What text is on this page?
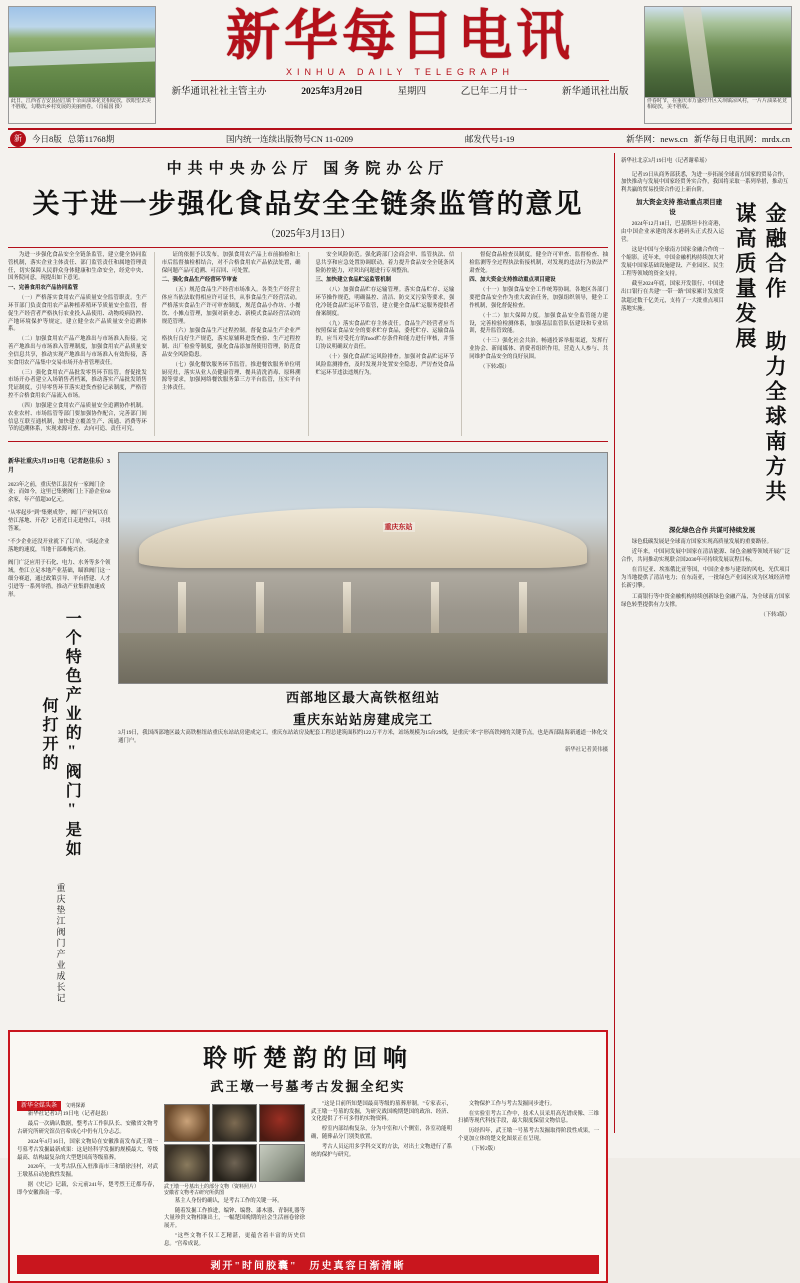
此日，江西省吉安县固江镇千余亩油菜花竞相绽放，放眼望去美不胜收，勾勒出乡村发展的美丽画卷。（肖福国 摄）
新华每日电讯
XINHUA DAILY TELEGRAPH
新华通讯社社主管主办	2025年3月20日	星期四	乙巳年二月廿一	新华通讯社出版
伴春时节，在重庆市万盛经开区关坝镇凉风村，一片片油菜花竞相绽放，美不胜收。
新	今日8版 总第11768期	国内统一连续出版物号CN 11-0209	邮发代号1-19	新华网：news.cn 新华每日电讯网：mrdx.cn
中共中央办公厅 国务院办公厅
关于进一步强化食品安全全链条监管的意见
（2025年3月13日）

为进一步强化食品安全全链条监管，建立健全协同监管机制，落实企业主体责任、部门监管责任和属地管理责任，切实保障人民群众身体健康和生命安全，经党中央、国务院同意，现提出如下意见。

一、完善食用农产品协同监管

（一）严格落实食用农产品质量安全监管职责。生产环节部门负责食用农产品种植养殖环节质量安全监管，督促生产经营者严格执行农业投入品使用、动物疫病防控、产地环境保护等规定，建立健全农产品质量安全追溯体系。

（二）加强食用农产品产地准出与市场准入衔接。完善产地准出与市场准入管理制度，加强食用农产品质量安全信息共享，推动实现产地准出与市场准入有效衔接，落实食用农产品集中交易市场开办者管理责任。

（三）强化食用农产品批发零售环节监管。督促批发市场开办者建立入场销售者档案，推动落实产品批发销售凭证制度，引导零售环节落实进货查验记录制度，严格管控不合格食用农产品流入市场。

（四）加强建立食用农产品质量安全追溯协作机制。农业农村、市场监管等部门要加强协作配合，完善部门间信息互联互通机制，加快建立覆盖生产、流通、消费等环节的追溯体系，实现来源可查、去向可追、责任可究。

证的依据予以发布，加强食用农产品上市前抽检和上市后监督抽检相结合，对不合格食用农产品依法处置，确保问题产品可追溯、可召回、可处置。

二、强化食品生产经营环节审查

（五）规范食品生产经营市场准入。各类生产经营主体应当依法取得相应许可证书，从事食品生产经营活动。严格落实食品生产许可审查制度，规范食品小作坊、小餐饮、小摊点管理，加强对新业态、新模式食品经营活动的规范管理。

（六）加强食品生产过程控制。督促食品生产企业严格执行良好生产规范，落实原辅料进货查验、生产过程控制、出厂检验等制度，强化食品添加剂使用管理，防范食品安全风险隐患。

（七）强化餐饮服务环节监管。推进餐饮服务单位明厨亮灶，落实从业人员健康管理、餐具清洗消毒、原料溯源等要求，加强网络餐饮服务第三方平台监管，压实平台主体责任。

安全风险防范。强化跨部门会商会审、监管执法、信息共享和应急处置协调联动，着力提升食品安全全链条风险防控能力，对突出问题进行专项整治。

三、加快建立食品贮运监管机制

（八）加强食品贮存运输管理。落实食品贮存、运输环节操作规范，明确温控、清洁、防交叉污染等要求，强化冷链食品贮运环节监管，建立健全食品贮运服务提供者备案制度。

（九）落实食品贮存主体责任。食品生产经营者应当按照保证食品安全的要求贮存食品，委托贮存、运输食品的，应当对受托方的food贮存条件和能力进行审核，并签订协议明确双方责任。

（十）强化食品贮运风险排查。加强对食品贮运环节风险监测排查，及时发现并处置安全隐患，严厉查处食品贮运环节违法违规行为。

督促食品检查员制度，健全许可审查、监督检查、抽检监测等全过程执法衔接机制，对发现的违法行为依法严肃查处。

四、加大资金支持推动重点项目建设

（十一）加强食品安全工作统筹协调。各地区各部门要把食品安全作为重大政治任务，加强组织领导，健全工作机制，强化督促检查。

（十二）加大保障力度。加强食品安全监管能力建设，完善检验检测体系，加强基层监管队伍建设和专业培训，提升监管效能。

（十三）强化社会共治。畅通投诉举报渠道，发挥行业协会、新闻媒体、消费者组织作用，营造人人参与、共同维护食品安全的良好氛围。

（下转2版）

新华社重庆3月19日电（记者赵佳乐）3月

2023年之前，重庆垫江县没有一家阀门企业；而如今，这里已集聚阀门上下游企业60余家，年产值超30亿元。

"从零起步"到"集聚成势"，阀门产业何以在垫江落地、开花？记者近日走进垫江，寻找答案。

"不少企业还没开业就下了订单。"谈起企业落地的速度，当地干部难掩兴奋。

阀门广泛应用于石化、电力、水务等多个领域。垫江立足本地产业基础，瞄准阀门这一细分赛道，通过政策引导、平台搭建、人才引进等一系列举措，推动产业集群加速成形。

一个特色产业的"阀门"是如何打开的
重庆垫江阀门产业成长记
重庆东站
西部地区最大高铁枢纽站
重庆东站站房建成完工
3月19日，我国西部地区最大高铁枢纽站重庆东站站房建成完工。重庆东站站房及配套工程总建筑面积约122万平方米，站场规模为15台29线，是重庆"米"字形高铁网的关键节点，也是西部陆海新通道一体化交通门户。
新华社记者黄伟摄
聆听楚韵的回响
武王墩一号墓考古发掘全纪实
新华全媒头条 文明探源

新华社记者3月19日电（记者赵磊）

最后一次确认数据，整考古工作队队长、安徽省文物考古研究所研究馆员宫希成心中仍有几分忐忑。

2024年4月16日，国家文物局在安徽淮南发布武王墩一号墓考古发掘最新成果：这是经科学发掘的规模最大、等级最高、结构最复杂的大型楚国高等级墓葬。

2020年，一支考古队伍入驻淮南市三和镇徐洼村，对武王墩墓启动抢救性发掘。

据《史记》记载，公元前241年，楚考烈王迁都寿春，即今安徽淮南一带。

武王墩一号墓出土的部分文物（资料照片）
安徽省文物考古研究所供图

墓主人身份的确认，是考古工作的关键一环。

随着发掘工作推进，编钟、编磬、漆木器、青铜礼器等大量珍贵文物相继出土，一幅楚国晚期的社会生活画卷徐徐展开。

"这些文物不仅工艺精湛，更蕴含着丰富的历史信息。"宫希成说。

"这是目前所知楚国最高等级的墓葬形制。"专家表示，武王墩一号墓的发掘，为研究战国晚期楚国的政治、经济、文化提供了不可多得的实物资料。

椁室内部结构复杂，分为中室和八个侧室，各室功能明确，随葬品分门别类放置。

考古人员运用多学科交叉的方法，对出土文物进行了系统的保护与研究。

文物保护工作与考古发掘同步进行。

在实验室考古工作中，技术人员采用高光谱成像、三维扫描等现代科技手段，最大限度保留文物信息。

历经四年，武王墩一号墓考古发掘取得阶段性成果，一个更加立体的楚文化图景正在呈现。

（下转2版）

剥开"时间胶囊"　历史真容日渐清晰

新华社北京3月19日电（记者谢希瑶）

记者19日从商务部获悉，为进一步拓展全球南方国家的贸易合作，加快推动与发展中国家经贸务实合作，我国将采取一系列举措，推动互利共赢的贸易投资合作迈上新台阶。

金融合作 助力全球南方共谋高质量发展

加大资金支持 推动重点项目建设

2024年12月18日，巴基斯坦卡拉奇港，由中国企业承建的深水港码头正式投入运营。

这是中国与全球南方国家金融合作的一个缩影。近年来，中国金融机构持续加大对发展中国家基础设施建设、产业园区、民生工程等领域的资金支持。

截至2024年底，国家开发银行、中国进出口银行在共建"一带一路"国家累计发放贷款超过数千亿美元，支持了一大批重点项目落地实施。

深化绿色合作 共谋可持续发展

绿色低碳发展是全球南方国家实现高质量发展的重要路径。

近年来，中国同发展中国家在清洁能源、绿色金融等领域开展广泛合作，共同推动实现联合国2030年可持续发展议程目标。

在肯尼亚、埃塞俄比亚等国，中国企业参与建设的风电、光伏项目为当地提供了清洁电力；在东南亚，一批绿色产业园区成为区域经济增长新引擎。

工商银行等中资金融机构持续创新绿色金融产品，为全球南方国家绿色转型提供有力支撑。

（下转3版）
